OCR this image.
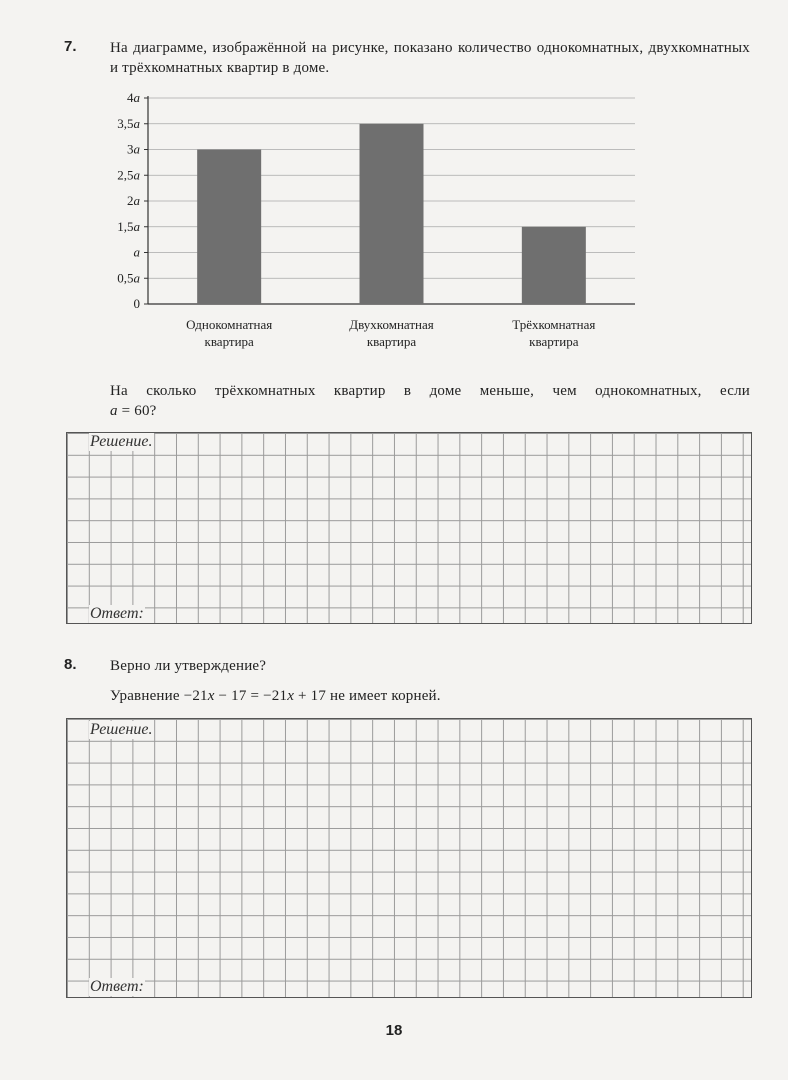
7. На диаграмме, изображённой на рисунке, показано количество однокомнатных, двухкомнатных и трёхкомнатных квартир в доме.
0
0,5a
a
1,5a
2a
2,5a
3a
3,5a
4a
Однокомнатная
квартира
Двухкомнатная
квартира
Трёхкомнатная
квартира
На сколько трёхкомнатных квартир в доме меньше, чем однокомнатных, если
a = 60?
Решение.
Ответ:
8. Верно ли утверждение?
Уравнение −21x − 17 = −21x + 17 не имеет корней.
Решение.
Ответ:
18
